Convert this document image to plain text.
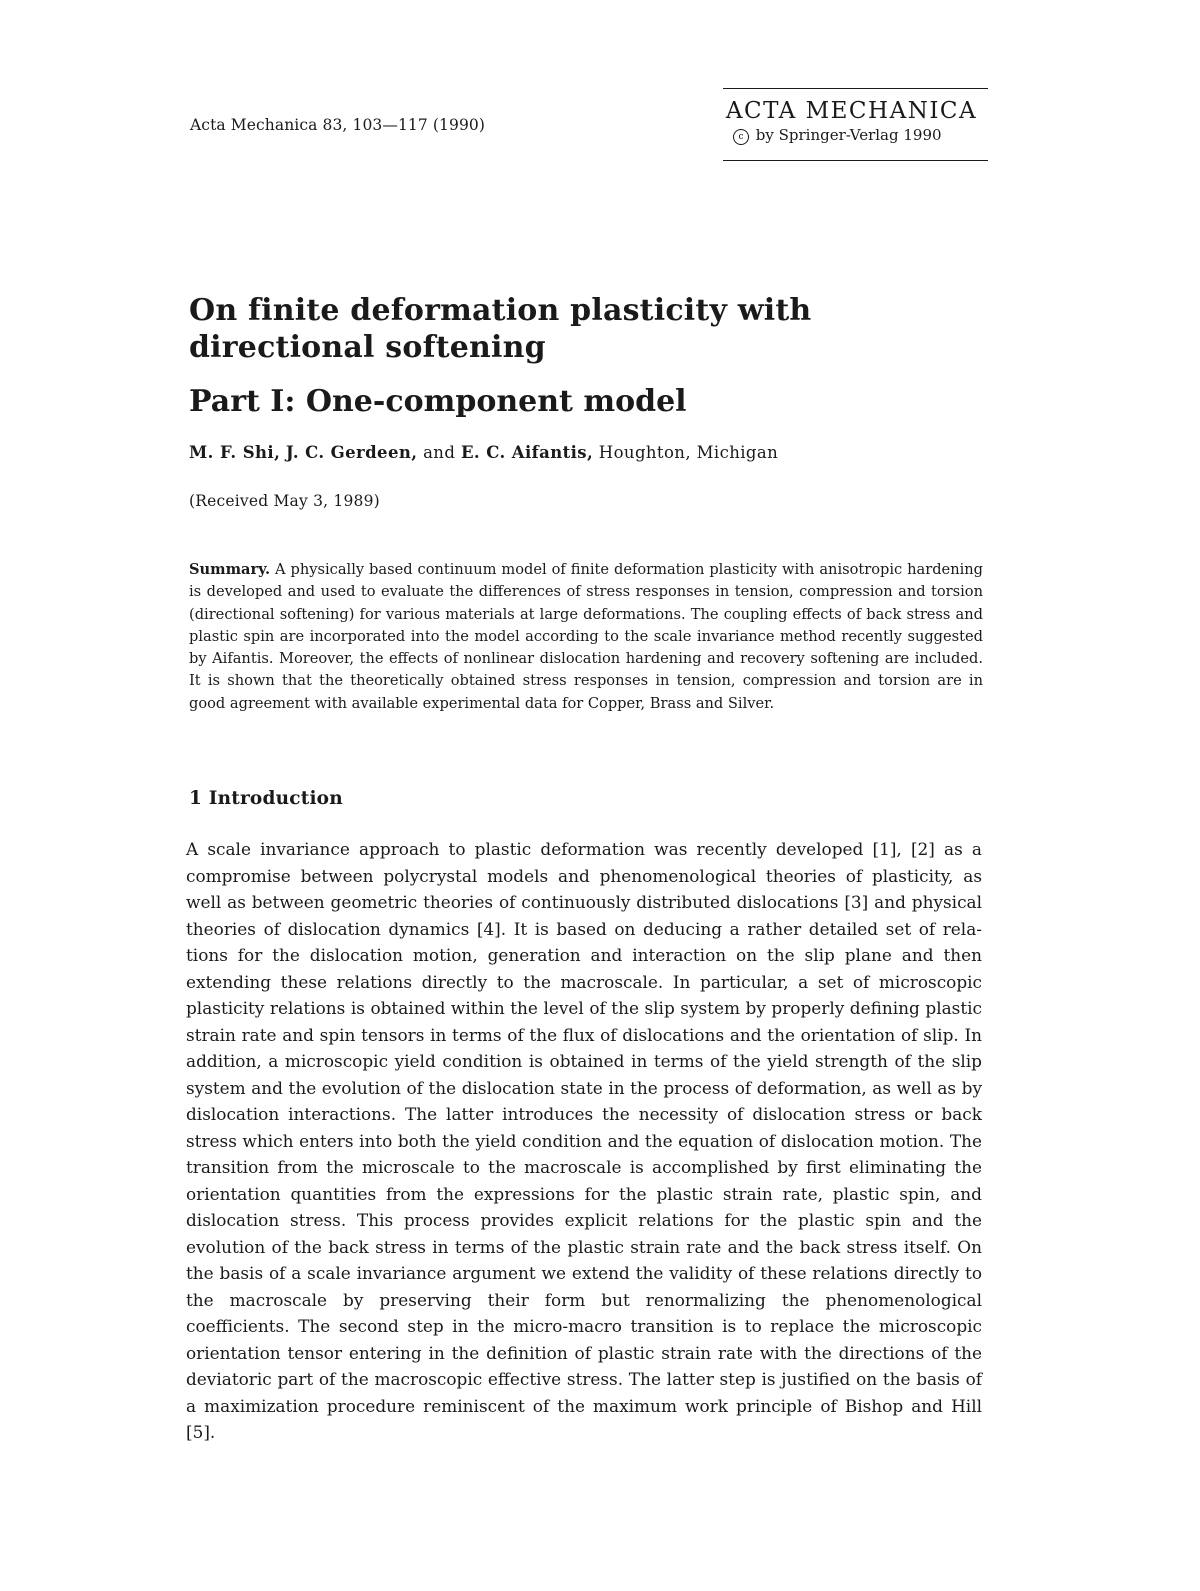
Acta Mechanica 83, 103—117 (1990)
ACTA MECHANICA
c by Springer-Verlag 1990
On finite deformation plasticity with directional softening
Part I: One-component model
M. F. Shi, J. C. Gerdeen, and E. C. Aifantis, Houghton, Michigan
(Received May 3, 1989)
Summary. A physically based continuum model of finite deformation plasticity with anisotropic hardening is developed and used to evaluate the differences of stress responses in tension, compression and torsion (directional softening) for various materials at large deformations. The coupling effects of back stress and plastic spin are incorporated into the model according to the scale invariance method recently suggested by Aifantis. Moreover, the effects of nonlinear dislocation hardening and recovery softening are included. It is shown that the theoretically obtained stress responses in tension, compression and torsion are in good agreement with available experimental data for Copper, Brass and Silver.
1 Introduction

A scale invariance approach to plastic deformation was recently developed [1], [2] as a compromise between polycrystal models and phenomenological theories of plasticity, as well as between geometric theories of continuously distributed dislocations [3] and physical theories of dislocation dynamics [4]. It is based on deducing a rather detailed set of relations for the dislocation motion, generation and interaction on the slip plane and then extending these relations directly to the macroscale. In particular, a set of microscopic plasticity relations is obtained within the level of the slip system by properly defining plastic strain rate and spin tensors in terms of the flux of dislocations and the orientation of slip. In addition, a microscopic yield condition is obtained in terms of the yield strength of the slip system and the evolution of the dislocation state in the process of deformation, as well as by dislocation interactions. The latter introduces the necessity of dislocation stress or back stress which enters into both the yield condition and the equation of dislocation motion. The transition from the microscale to the macroscale is accomplished by first eliminating the orientation quantities from the expressions for the plastic strain rate, plastic spin, and dislocation stress. This process provides explicit relations for the plastic spin and the evolution of the back stress in terms of the plastic strain rate and the back stress itself. On the basis of a scale invariance argument we extend the validity of these relations directly to the macroscale by preserving their form but renormalizing the phenomenological coefficients. The second step in the micro-macro transition is to replace the microscopic orientation tensor entering in the definition of plastic strain rate with the directions of the deviatoric part of the macroscopic effective stress. The latter step is justified on the basis of a maximization procedure reminiscent of the maximum work principle of Bishop and Hill [5].
